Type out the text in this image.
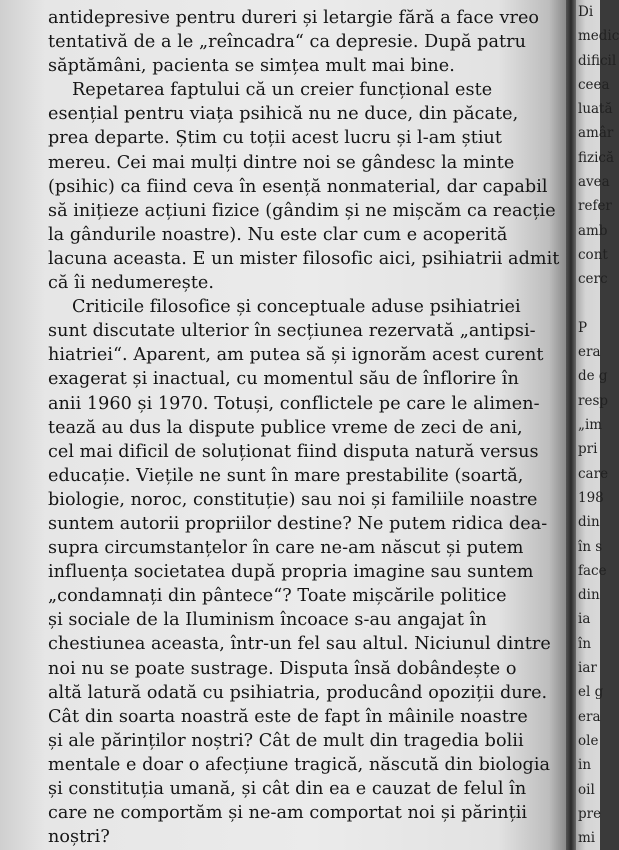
antidepresive pentru dureri și letargie fără a face vreo
tentativă de a le „reîncadra“ ca depresie. După patru
săptămâni, pacienta se simțea mult mai bine.
Repetarea faptului că un creier funcțional este
esențial pentru viața psihică nu ne duce, din păcate,
prea departe. Știm cu toții acest lucru și l-am știut
mereu. Cei mai mulți dintre noi se gândesc la minte
(psihic) ca fiind ceva în esență nonmaterial, dar capabil
să inițieze acțiuni fizice (gândim și ne mișcăm ca reacție
la gândurile noastre). Nu este clar cum e acoperită
lacuna aceasta. E un mister filosofic aici, psihiatrii admit
că îi nedumerește.
Criticile filosofice și conceptuale aduse psihiatriei
sunt discutate ulterior în secțiunea rezervată „antipsi-
hiatriei“. Aparent, am putea să și ignorăm acest curent
exagerat și inactual, cu momentul său de înflorire în
anii 1960 și 1970. Totuși, conflictele pe care le alimen-
tează au dus la dispute publice vreme de zeci de ani,
cel mai dificil de soluționat fiind disputa natură versus
educație. Viețile ne sunt în mare prestabilite (soartă,
biologie, noroc, constituție) sau noi și familiile noastre
suntem autorii propriilor destine? Ne putem ridica dea-
supra circumstanțelor în care ne-am născut și putem
influența societatea după propria imagine sau suntem
„condamnați din pântece“? Toate mișcările politice
și sociale de la Iluminism încoace s-au angajat în
chestiunea aceasta, într-un fel sau altul. Niciunul dintre
noi nu se poate sustrage. Disputa însă dobândește o
altă latură odată cu psihiatria, producând opoziții dure.
Cât din soarta noastră este de fapt în mâinile noastre
și ale părinților noștri? Cât de mult din tragedia bolii
mentale e doar o afecțiune tragică, născută din biologia
și constituția umană, și cât din ea e cauzat de felul în
care ne comportăm și ne-am comportat noi și părinții
noștri?
Di
medic
dificil
ceea
luată
amâr
fizică
avea
refer
amb
cont
cerc
P
era
de g
resp
„im
pri
care
198
din
în s
face
din
ia
în
iar
el g
era
ole
in
oil
pre
mi
